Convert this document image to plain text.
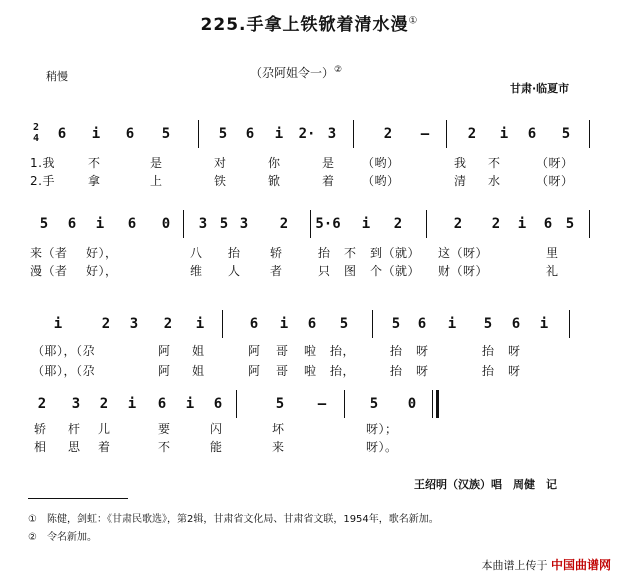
225.手拿上铁锨着清水漫①
稍慢	（尕阿姐令一）②
甘肃·临夏市
2
4 6 i 6 5	5 6 i 2· 3	2 —	2 i 6 5
1.我	不	是	对	你	是 （哟）	我 不	（呀）
2.手	拿	上	铁	锨	着 （哟）	清 水	（呀）
5 6 i 6 0 3 5 3 2 5·6 i 2	2 2 i 6 5
来（者 好），	八 抬 轿	抬 不 到（就） 这（呀）	里
漫（者 好），	维 人 者	只 图 个（就） 财（呀）	礼
i	2 3 2 i	6 i 6 5	5 6 i 5 6 i
（耶），（尕	阿 姐	阿 哥 啦 抬，	抬 呀	抬 呀
（耶），（尕	阿 姐	阿 哥 啦 抬，	抬 呀	抬 呀
2 3 2 i 6 i 6	5 —	5 0
轿 杆 儿	要	闪	坏	呀）；
相 思 着	不	能	来	呀）。
王绍明（汉族）唱　周健　记
①　陈健，剑虹：《甘肃民歌选》，第2辑，甘肃省文化局、甘肃省文联，1954年，歌名新加。
②　令名新加。
本曲谱上传于 中国曲谱网
